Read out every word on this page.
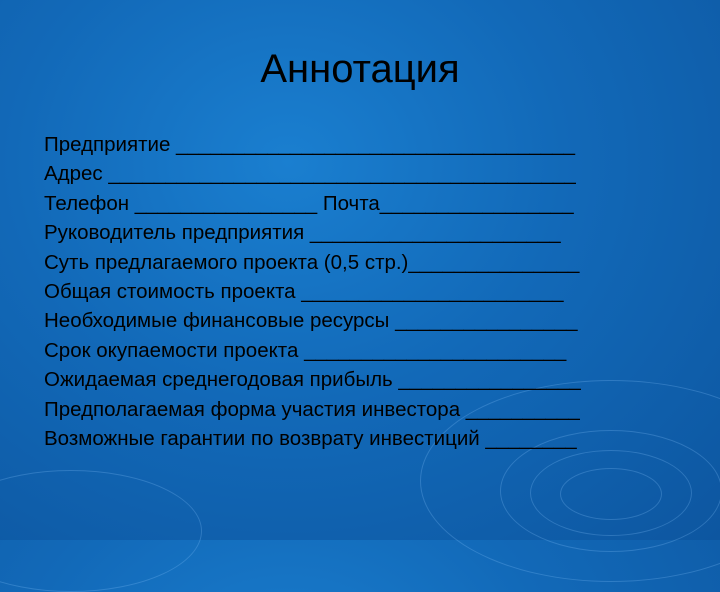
Аннотация
Предприятие ___________________________________
Адрес _________________________________________
Телефон ________________ Почта_________________
Руководитель предприятия ______________________
Суть предлагаемого проекта (0,5 стр.)_______________
Общая стоимость проекта _______________________
Необходимые финансовые ресурсы ________________
Срок окупаемости проекта _______________________
Ожидаемая среднегодовая прибыль ________________
Предполагаемая форма участия инвестора __________
Возможные гарантии по возврату инвестиций ________
